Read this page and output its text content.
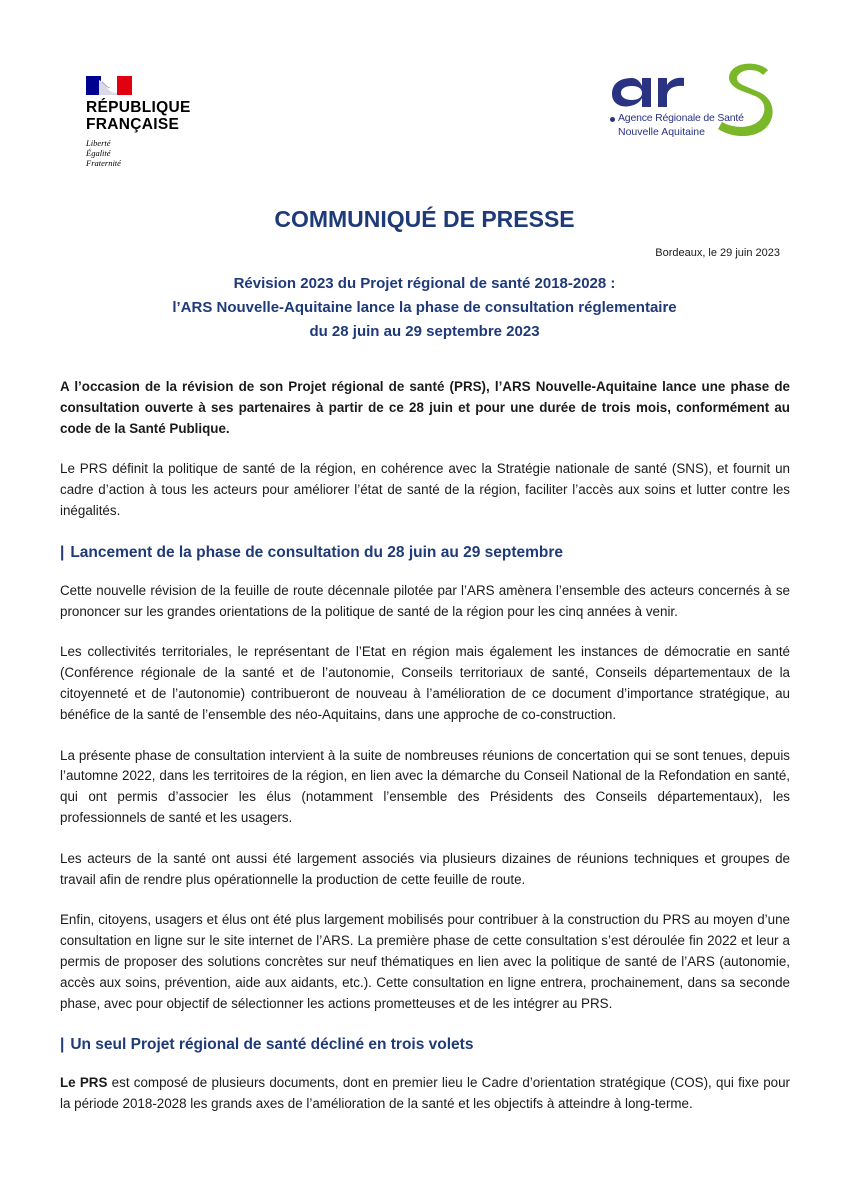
RÉPUBLIQUE
FRANÇAISE
Liberté
Égalité
Fraternité
Agence Régionale de Santé
Nouvelle Aquitaine
COMMUNIQUÉ DE PRESSE
Bordeaux, le 29 juin 2023
Révision 2023 du Projet régional de santé 2018-2028 :
l’ARS Nouvelle-Aquitaine lance la phase de consultation réglementaire
du 28 juin au 29 septembre 2023

A l’occasion de la révision de son Projet régional de santé (PRS), l’ARS Nouvelle-Aquitaine lance une phase de consultation ouverte à ses partenaires à partir de ce 28 juin et pour une durée de trois mois, conformément au code de la Santé Publique.

Le PRS définit la politique de santé de la région, en cohérence avec la Stratégie nationale de santé (SNS), et fournit un cadre d’action à tous les acteurs pour améliorer l’état de santé de la région, faciliter l’accès aux soins et lutter contre les inégalités.

| Lancement de la phase de consultation du 28 juin au 29 septembre

Cette nouvelle révision de la feuille de route décennale pilotée par l’ARS amènera l’ensemble des acteurs concernés à se prononcer sur les grandes orientations de la politique de santé de la région pour les cinq années à venir.

Les collectivités territoriales, le représentant de l’Etat en région mais également les instances de démocratie en santé (Conférence régionale de la santé et de l’autonomie, Conseils territoriaux de santé, Conseils départementaux de la citoyenneté et de l’autonomie) contribueront de nouveau à l’amélioration de ce document d’importance stratégique, au bénéfice de la santé de l’ensemble des néo-Aquitains, dans une approche de co-construction.

La présente phase de consultation intervient à la suite de nombreuses réunions de concertation qui se sont tenues, depuis l’automne 2022, dans les territoires de la région, en lien avec la démarche du Conseil National de la Refondation en santé, qui ont permis d’associer les élus (notamment l’ensemble des Présidents des Conseils départementaux), les professionnels de santé et les usagers.

Les acteurs de la santé ont aussi été largement associés via plusieurs dizaines de réunions techniques et groupes de travail afin de rendre plus opérationnelle la production de cette feuille de route.

Enfin, citoyens, usagers et élus ont été plus largement mobilisés pour contribuer à la construction du PRS au moyen d’une consultation en ligne sur le site internet de l’ARS. La première phase de cette consultation s’est déroulée fin 2022 et leur a permis de proposer des solutions concrètes sur neuf thématiques en lien avec la politique de santé de l’ARS (autonomie, accès aux soins, prévention, aide aux aidants, etc.). Cette consultation en ligne entrera, prochainement, dans sa seconde phase, avec pour objectif de sélectionner les actions prometteuses et de les intégrer au PRS.

| Un seul Projet régional de santé décliné en trois volets

Le PRS est composé de plusieurs documents, dont en premier lieu le Cadre d’orientation stratégique (COS), qui fixe pour la période 2018-2028 les grands axes de l’amélioration de la santé et les objectifs à atteindre à long-terme.
